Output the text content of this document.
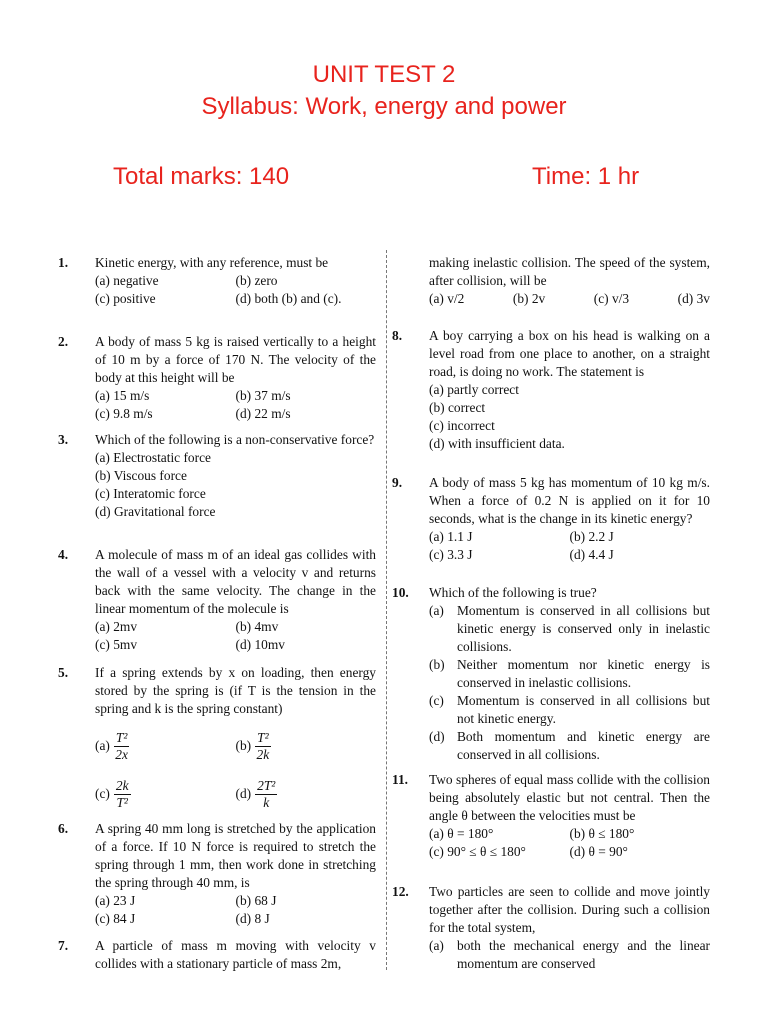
UNIT TEST 2
Syllabus: Work, energy and power
Total marks: 140	Time: 1 hr
1. Kinetic energy, with any reference, must be
(a) negative	(b) zero
(c) positive	(d) both (b) and (c).
2. A body of mass 5 kg is raised vertically to a height of 10 m by a force of 170 N. The velocity of the body at this height will be
(a) 15 m/s	(b) 37 m/s
(c) 9.8 m/s	(d) 22 m/s
3. Which of the following is a non-conservative force?
(a) Electrostatic force
(b) Viscous force
(c) Interatomic force
(d) Gravitational force
4. A molecule of mass m of an ideal gas collides with the wall of a vessel with a velocity v and returns back with the same velocity. The change in the linear momentum of the molecule is
(a) 2mv	(b) 4mv
(c) 5mv	(d) 10mv
5. If a spring extends by x on loading, then energy stored by the spring is (if T is the tension in the spring and k is the spring constant)
$(a) \frac{\text{T²}}{2x}$	$(b) \frac{\text{T²}}{2k}$
$(c) \frac{2k}{\text{T²}}$	$(d) \frac{\text{2T²}}{k}$
6. A spring 40 mm long is stretched by the application of a force. If 10 N force is required to stretch the spring through 1 mm, then work done in stretching the spring through 40 mm, is
(a) 23 J	(b) 68 J
(c) 84 J	(d) 8 J
7. A particle of mass m moving with velocity v collides with a stationary particle of mass 2m,
making inelastic collision. The speed of the system, after collision, will be
(a) v/2	(b) 2v	(c) v/3	(d) 3v
8. A boy carrying a box on his head is walking on a level road from one place to another, on a straight road, is doing no work. The statement is
(a) partly correct
(b) correct
(c) incorrect
(d) with insufficient data.
9. A body of mass 5 kg has momentum of 10 kg m/s. When a force of 0.2 N is applied on it for 10 seconds, what is the change in its kinetic energy?
(a) 1.1 J	(b) 2.2 J
(c) 3.3 J	(d) 4.4 J
10. Which of the following is true?
(a) Momentum is conserved in all collisions but kinetic energy is conserved only in inelastic collisions.
(b) Neither momentum nor kinetic energy is conserved in inelastic collisions.
(c) Momentum is conserved in all collisions but not kinetic energy.
(d) Both momentum and kinetic energy are conserved in all collisions.
11. Two spheres of equal mass collide with the collision being absolutely elastic but not central. Then the angle θ between the velocities must be
(a) θ = 180°	(b) θ ≤ 180°
(c) 90° ≤ θ ≤ 180°	(d) θ = 90°
12. Two particles are seen to collide and move jointly together after the collision. During such a collision for the total system,
(a) both the mechanical energy and the linear momentum are conserved
